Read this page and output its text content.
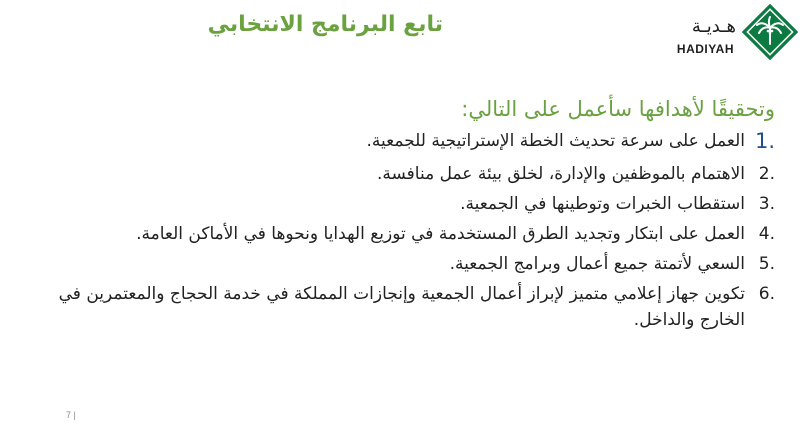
هـديـة
HADIYAH
تابع البرنامج الانتخابي
وتحقيقًا لأهدافها سأعمل على التالي:
.1
العمل على سرعة تحديث الخطة الإستراتيجية للجمعية.
.2
الاهتمام بالموظفين والإدارة، لخلق بيئة عمل منافسة.
.3
استقطاب الخبرات وتوطينها في الجمعية.
.4
العمل على ابتكار وتجديد الطرق المستخدمة في توزيع الهدايا ونحوها في الأماكن العامة.
.5
السعي لأتمتة جميع أعمال وبرامج الجمعية.
.6
تكوين جهاز إعلامي متميز لإبراز أعمال الجمعية وإنجازات المملكة في خدمة الحجاج والمعتمرين في الخارج والداخل.
7 |
